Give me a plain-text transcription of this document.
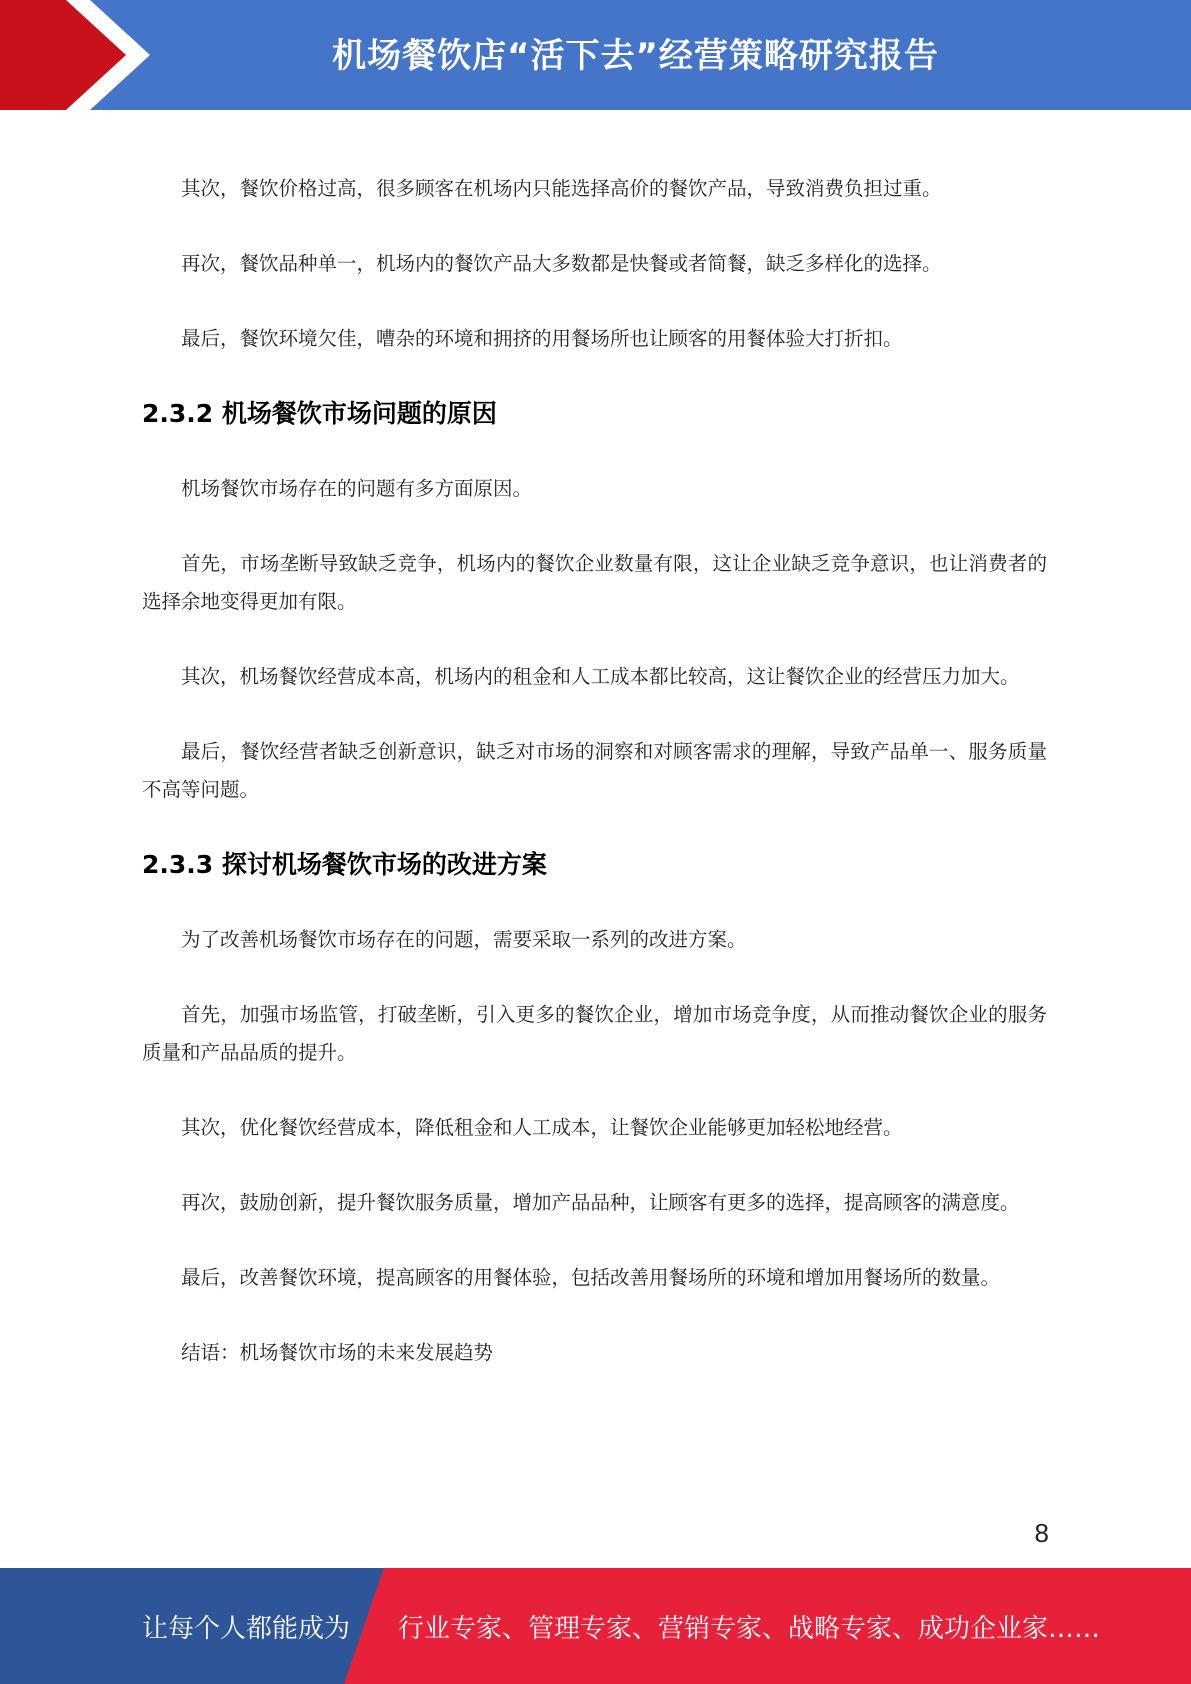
机场餐饮店“活下去”经营策略研究报告

其次，餐饮价格过高，很多顾客在机场内只能选择高价的餐饮产品，导致消费负担过重。

再次，餐饮品种单一，机场内的餐饮产品大多数都是快餐或者简餐，缺乏多样化的选择。

最后，餐饮环境欠佳，嘈杂的环境和拥挤的用餐场所也让顾客的用餐体验大打折扣。

2.3.2 机场餐饮市场问题的原因

机场餐饮市场存在的问题有多方面原因。

首先，市场垄断导致缺乏竞争，机场内的餐饮企业数量有限，这让企业缺乏竞争意识，也让消费者的选择余地变得更加有限。

其次，机场餐饮经营成本高，机场内的租金和人工成本都比较高，这让餐饮企业的经营压力加大。

最后，餐饮经营者缺乏创新意识，缺乏对市场的洞察和对顾客需求的理解，导致产品单一、服务质量不高等问题。

2.3.3 探讨机场餐饮市场的改进方案

为了改善机场餐饮市场存在的问题，需要采取一系列的改进方案。

首先，加强市场监管，打破垄断，引入更多的餐饮企业，增加市场竞争度，从而推动餐饮企业的服务质量和产品品质的提升。

其次，优化餐饮经营成本，降低租金和人工成本，让餐饮企业能够更加轻松地经营。

再次，鼓励创新，提升餐饮服务质量，增加产品品种，让顾客有更多的选择，提高顾客的满意度。

最后，改善餐饮环境，提高顾客的用餐体验，包括改善用餐场所的环境和增加用餐场所的数量。

结语：机场餐饮市场的未来发展趋势

8
让每个人都能成为 行业专家、管理专家、营销专家、战略专家、成功企业家……
